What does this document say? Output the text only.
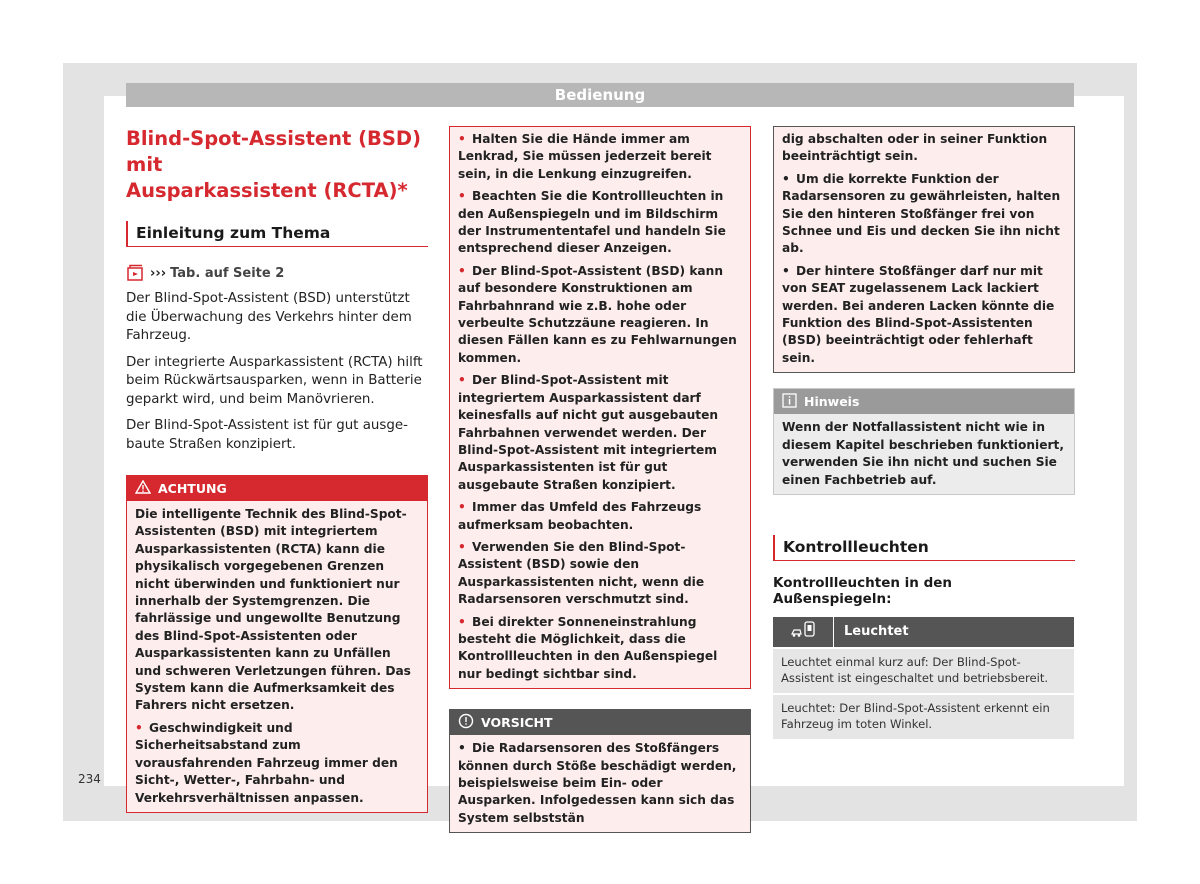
Bedienung
Blind-Spot-Assistent (BSD) mit
Ausparkassistent (RCTA)*
Einleitung zum Thema
››› Tab. auf Seite 2

Der Blind-Spot-Assistent (BSD) unterstützt die Überwachung des Verkehrs hinter dem Fahrzeug.

Der integrierte Ausparkassistent (RCTA) hilft beim Rückwärtsausparken, wenn in Batterie geparkt wird, und beim Manövrieren.

Der Blind-Spot-Assistent ist für gut ausgebaute Straßen konzipiert.

ACHTUNG

Die intelligente Technik des Blind-Spot-Assistenten (BSD) mit integriertem Ausparkassistenten (RCTA) kann die physikalisch vorgegebenen Grenzen nicht überwinden und funktioniert nur innerhalb der Systemgrenzen. Die fahrlässige und ungewollte Benutzung des Blind-Spot-Assistenten oder Ausparkassistenten kann zu Unfällen und schweren Verletzungen führen. Das System kann die Aufmerksamkeit des Fahrers nicht ersetzen.

• Geschwindigkeit und Sicherheitsabstand zum vorausfahrenden Fahrzeug immer den Sicht-, Wetter-, Fahrbahn- und Verkehrsverhältnissen anpassen.

• Halten Sie die Hände immer am Lenkrad, Sie müssen jederzeit bereit sein, in die Lenkung einzugreifen.

• Beachten Sie die Kontrollleuchten in den Außenspiegeln und im Bildschirm der Instrumententafel und handeln Sie entsprechend dieser Anzeigen.

• Der Blind-Spot-Assistent (BSD) kann auf besondere Konstruktionen am Fahrbahnrand wie z.B. hohe oder verbeulte Schutzzäune reagieren. In diesen Fällen kann es zu Fehlwarnungen kommen.

• Der Blind-Spot-Assistent mit integriertem Ausparkassistent darf keinesfalls auf nicht gut ausgebauten Fahrbahnen verwendet werden. Der Blind-Spot-Assistent mit integriertem Ausparkassistenten ist für gut ausgebaute Straßen konzipiert.

• Immer das Umfeld des Fahrzeugs aufmerksam beobachten.

• Verwenden Sie den Blind-Spot-Assistent (BSD) sowie den Ausparkassistenten nicht, wenn die Radarsensoren verschmutzt sind.

• Bei direkter Sonneneinstrahlung besteht die Möglichkeit, dass die Kontrollleuchten in den Außenspiegel nur bedingt sichtbar sind.

VORSICHT

• Die Radarsensoren des Stoßfängers können durch Stöße beschädigt werden, beispielsweise beim Ein- oder Ausparken. Infolgedessen kann sich das System selbststän

dig abschalten oder in seiner Funktion beeinträchtigt sein.

• Um die korrekte Funktion der Radarsensoren zu gewährleisten, halten Sie den hinteren Stoßfänger frei von Schnee und Eis und decken Sie ihn nicht ab.

• Der hintere Stoßfänger darf nur mit von SEAT zugelassenem Lack lackiert werden. Bei anderen Lacken könnte die Funktion des Blind-Spot-Assistenten (BSD) beeinträchtigt oder fehlerhaft sein.

Hinweis

Wenn der Notfallassistent nicht wie in diesem Kapitel beschrieben funktioniert, verwenden Sie ihn nicht und suchen Sie einen Fachbetrieb auf.

Kontrollleuchten
Kontrollleuchten in den Außenspiegeln:
Leuchtet
Leuchtet einmal kurz auf: Der Blind-Spot-Assistent ist eingeschaltet und betriebsbereit.
Leuchtet: Der Blind-Spot-Assistent erkennt ein Fahrzeug im toten Winkel.
234
